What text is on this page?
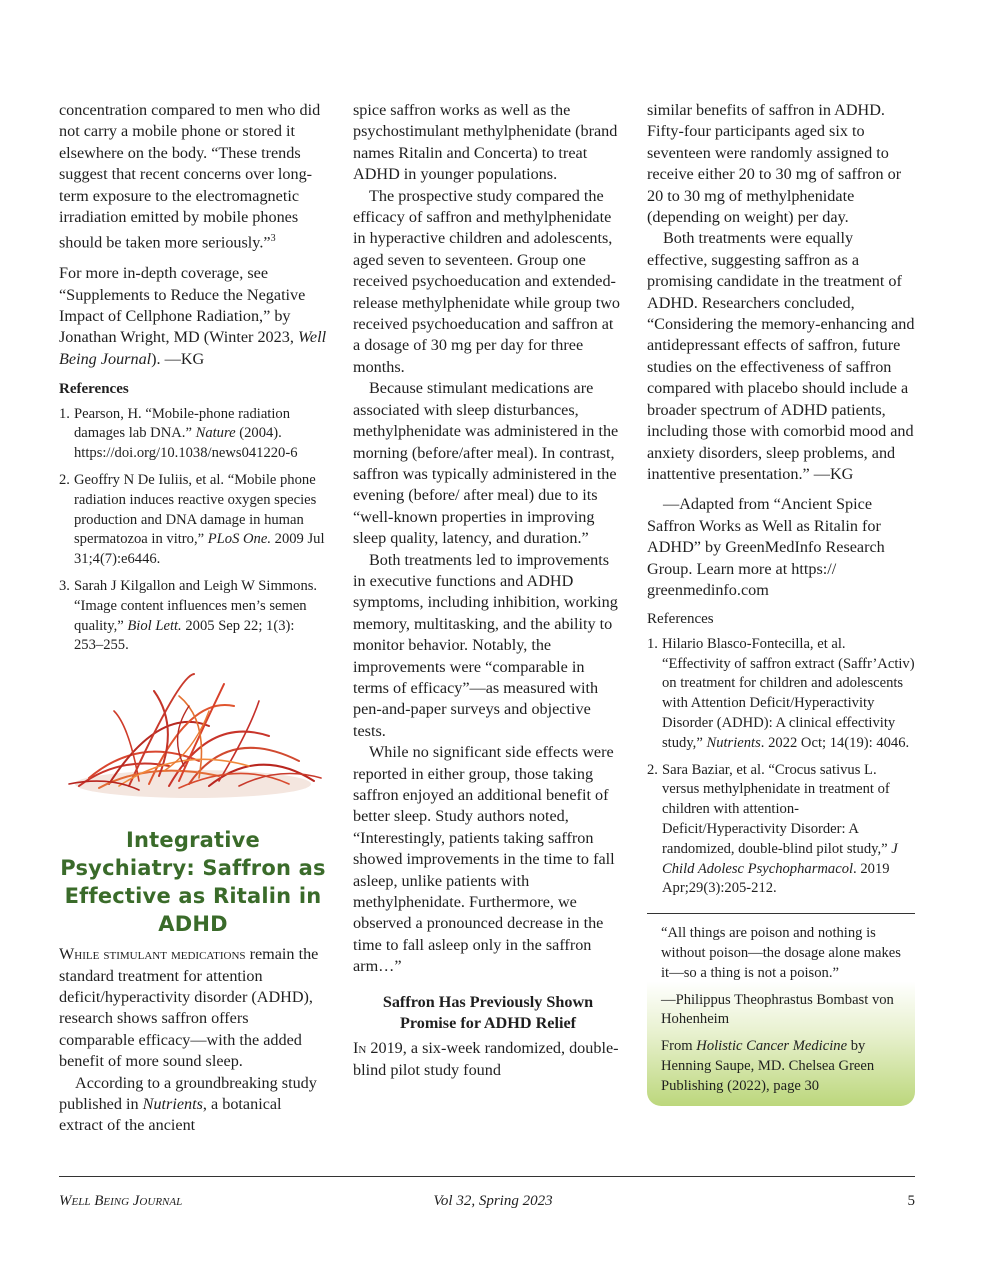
concentration compared to men who did not carry a mobile phone or stored it elsewhere on the body. “These trends suggest that recent concerns over long-term exposure to the electromagnetic irradiation emitted by mobile phones should be taken more seriously.”$^3$

For more in-depth coverage, see “Supplements to Reduce the Negative Impact of Cellphone Radiation,” by Jonathan Wright, MD (Winter 2023, Well Being Journal). —KG

References
1. Pearson, H. “Mobile-phone radiation damages lab DNA.” Nature (2004). https://doi.org/10.1038/news041220-6
2. Geoffry N De Iuliis, et al. “Mobile phone radiation induces reactive oxygen species production and DNA damage in human spermatozoa in vitro,” PLoS One. 2009 Jul 31;4(7):e6446.
3. Sarah J Kilgallon and Leigh W Simmons. “Image content influences men’s semen quality,” Biol Lett. 2005 Sep 22; 1(3): 253–255.
Integrative Psychiatry: Saffron as Effective as Ritalin in ADHD

While stimulant medications remain the standard treatment for attention deficit/hyperactivity disorder (ADHD), research shows saffron offers comparable efficacy—with the added benefit of more sound sleep.

According to a groundbreaking study published in Nutrients, a botanical extract of the ancient

spice saffron works as well as the psychostimulant methylphenidate (brand names Ritalin and Concerta) to treat ADHD in younger populations.

The prospective study compared the efficacy of saffron and methylphenidate in hyperactive children and adolescents, aged seven to seventeen. Group one received psychoeducation and extended-release methylphenidate while group two received psychoeducation and saffron at a dosage of 30 mg per day for three months.

Because stimulant medications are associated with sleep disturbances, methylphenidate was administered in the morning (before/after meal). In contrast, saffron was typically administered in the evening (before/ after meal) due to its “well-known properties in improving sleep quality, latency, and duration.”

Both treatments led to improvements in executive functions and ADHD symptoms, including inhibition, working memory, multitasking, and the ability to monitor behavior. Notably, the improvements were “comparable in terms of efficacy”—as measured with pen-and-paper surveys and objective tests.

While no significant side effects were reported in either group, those taking saffron enjoyed an additional benefit of better sleep. Study authors noted, “Interestingly, patients taking saffron showed improvements in the time to fall asleep, unlike patients with methylphenidate. Furthermore, we observed a pronounced decrease in the time to fall asleep only in the saffron arm…”

Saffron Has Previously Shown Promise for ADHD Relief

In 2019, a six-week randomized, double-blind pilot study found

similar benefits of saffron in ADHD. Fifty-four participants aged six to seventeen were randomly assigned to receive either 20 to 30 mg of saffron or 20 to 30 mg of methylphenidate (depending on weight) per day.

Both treatments were equally effective, suggesting saffron as a promising candidate in the treatment of ADHD. Researchers concluded, “Considering the memory-enhancing and antidepressant effects of saffron, future studies on the effectiveness of saffron compared with placebo should include a broader spectrum of ADHD patients, including those with comorbid mood and anxiety disorders, sleep problems, and inattentive presentation.” —KG

—Adapted from “Ancient Spice Saffron Works as Well as Ritalin for ADHD” by GreenMedInfo Research Group. Learn more at https:// greenmedinfo.com

References
1. Hilario Blasco-Fontecilla, et al. “Effectivity of saffron extract (Saffr’Activ) on treatment for children and adolescents with Attention Deficit/Hyperactivity Disorder (ADHD): A clinical effectivity study,” Nutrients. 2022 Oct; 14(19): 4046.
2. Sara Baziar, et al. “Crocus sativus L. versus methylphenidate in treatment of children with attention-Deficit/Hyperactivity Disorder: A randomized, double-blind pilot study,” J Child Adolesc Psychopharmacol. 2019 Apr;29(3):205-212.

“All things are poison and nothing is without poison—the dosage alone makes it—so a thing is not a poison.”

—Philippus Theophrastus Bombast von Hohenheim

From Holistic Cancer Medicine by Henning Saupe, MD. Chelsea Green Publishing (2022), page 30

Well Being Journal	Vol 32, Spring 2023	5
